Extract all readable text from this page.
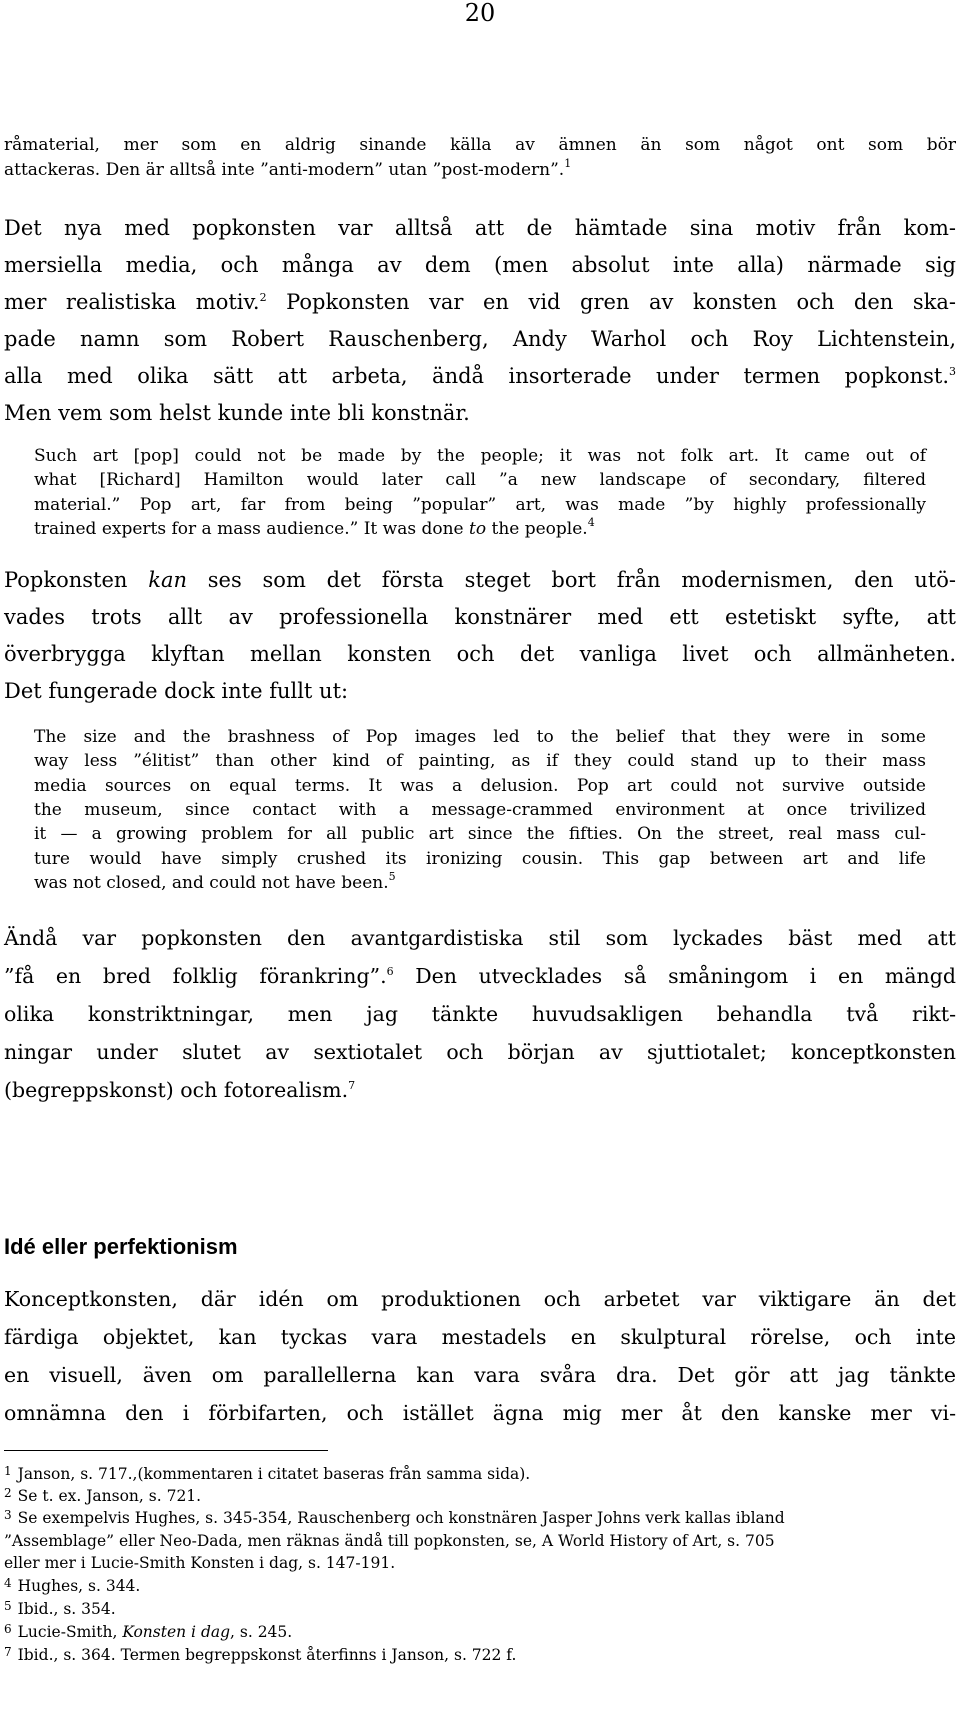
20

råmaterial, mer som en aldrig sinande källa av ämnen än som något ont som bör

attackeras. Den är alltså inte ”anti-modern” utan ”post-modern”.$^1$

Det nya med popkonsten var alltså att de hämtade sina motiv från kom-

mersiella media, och många av dem (men absolut inte alla) närmade sig

mer realistiska motiv.$^2$ Popkonsten var en vid gren av konsten och den ska-

pade namn som Robert Rauschenberg, Andy Warhol och Roy Lichtenstein,

alla med olika sätt att arbeta, ändå insorterade under termen popkonst.$^3$

Men vem som helst kunde inte bli konstnär.

Such art [pop] could not be made by the people; it was not folk art. It came out of

what [Richard] Hamilton would later call ”a new landscape of secondary, filtered

material.” Pop art, far from being ”popular” art, was made ”by highly professionally

trained experts for a mass audience.” It was done to the people.$^4$

Popkonsten kan ses som det första steget bort från modernismen, den utö-

vades trots allt av professionella konstnärer med ett estetiskt syfte, att

överbrygga klyftan mellan konsten och det vanliga livet och allmänheten.

Det fungerade dock inte fullt ut:

The size and the brashness of Pop images led to the belief that they were in some

way less ”élitist” than other kind of painting, as if they could stand up to their mass

media sources on equal terms. It was a delusion. Pop art could not survive outside

the museum, since contact with a message-crammed environment at once trivilized

it — a growing problem for all public art since the fifties. On the street, real mass cul-

ture would have simply crushed its ironizing cousin. This gap between art and life

was not closed, and could not have been.$^5$

Ändå var popkonsten den avantgardistiska stil som lyckades bäst med att

”få en bred folklig förankring”.$^6$ Den utvecklades så småningom i en mängd

olika konstriktningar, men jag tänkte huvudsakligen behandla två rikt-

ningar under slutet av sextiotalet och början av sjuttiotalet; konceptkonsten

(begreppskonst) och fotorealism.$^7$

Idé eller perfektionism

Konceptkonsten, där idén om produktionen och arbetet var viktigare än det

färdiga objektet, kan tyckas vara mestadels en skulptural rörelse, och inte

en visuell, även om parallellerna kan vara svåra dra. Det gör att jag tänkte

omnämna den i förbifarten, och istället ägna mig mer åt den kanske mer vi-

$^1$ Janson, s. 717.,(kommentaren i citatet baseras från samma sida).
$^2$ Se t. ex. Janson, s. 721.
$^3$ Se exempelvis Hughes, s. 345-354, Rauschenberg och konstnären Jasper Johns verk kallas ibland
”Assemblage” eller Neo-Dada, men räknas ändå till popkonsten, se, A World History of Art, s. 705
eller mer i Lucie-Smith Konsten i dag, s. 147-191.
$^4$ Hughes, s. 344.
$^5$ Ibid., s. 354.
$^6$ Lucie-Smith, Konsten i dag, s. 245.
$^7$ Ibid., s. 364. Termen begreppskonst återfinns i Janson, s. 722 f.
